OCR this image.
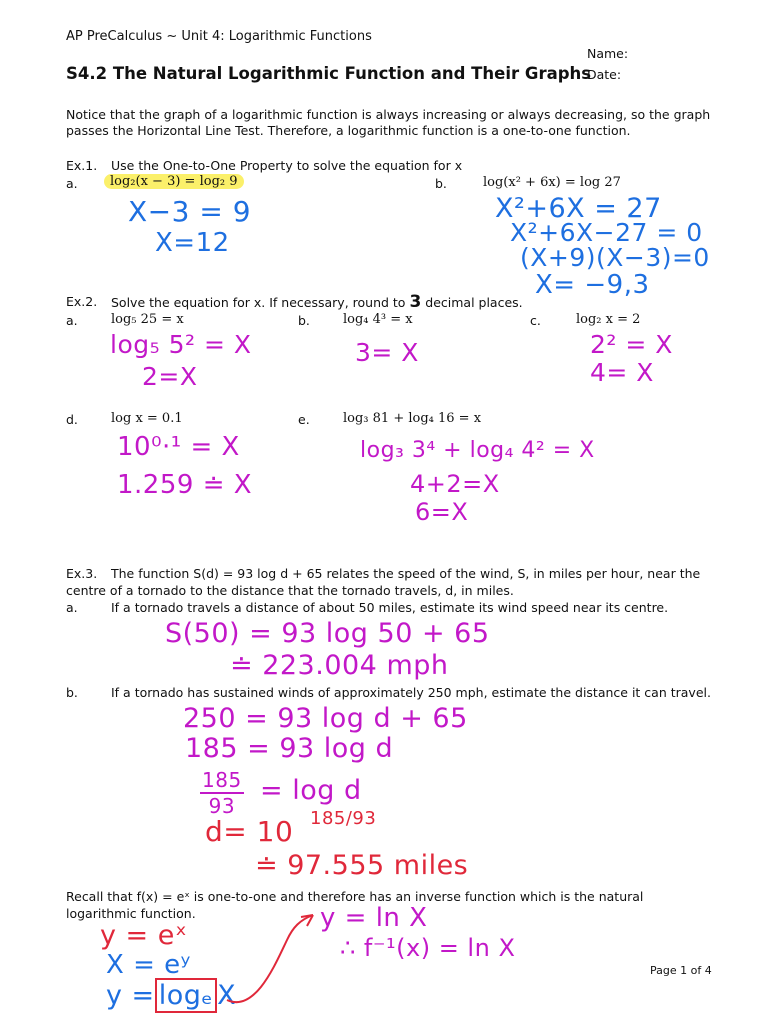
AP PreCalculus ~ Unit 4: Logarithmic Functions
Name:
Date:
S4.2 The Natural Logarithmic Function and Their Graphs
Notice that the graph of a logarithmic function is always increasing or always decreasing, so the graph
passes the Horizontal Line Test. Therefore, a logarithmic function is a one-to-one function.
Ex.1. Use the One-to-One Property to solve the equation for x
a.	log₂(x − 3) = log₂ 9	b.	log(x² + 6x) = log 27
X−3 = 9
X=12
X²+6X = 27
X²+6X−27 = 0
(X+9)(X−3)=0
X= −9,3
Ex.2. Solve the equation for x. If necessary, round to 3 decimal places.
a.	log₅ 25 = x	b.	log₄ 4³ = x	c.	log₂ x = 2
log₅ 5² = X
2=X
3= X	2² = X
4= X
d.	log x = 0.1	e.	log₃ 81 + log₄ 16 = x
10⁰·¹ = X
1.259 ≐ X
log₃ 3⁴ + log₄ 4² = X
4+2=X
6=X
Ex.3. The function S(d) = 93 log d + 65 relates the speed of the wind, S, in miles per hour, near the
centre of a tornado to the distance that the tornado travels, d, in miles.
a.	If a tornado travels a distance of about 50 miles, estimate its wind speed near its centre.
S(50) = 93 log 50 + 65
≐ 223.004 mph
b.	If a tornado has sustained winds of approximately 250 mph, estimate the distance it can travel.
250 = 93 log d + 65
185 = 93 log d
$\frac{185}{93} = \log d$
d= 10 185/93
≐ 97.555 miles
Recall that f(x) = eˣ is one-to-one and therefore has an inverse function which is the natural
logarithmic function.
y = eˣ
X = eʸ
y = logₑ X
y = ln X
∴ f⁻¹(x) = ln X
Page 1 of 4
